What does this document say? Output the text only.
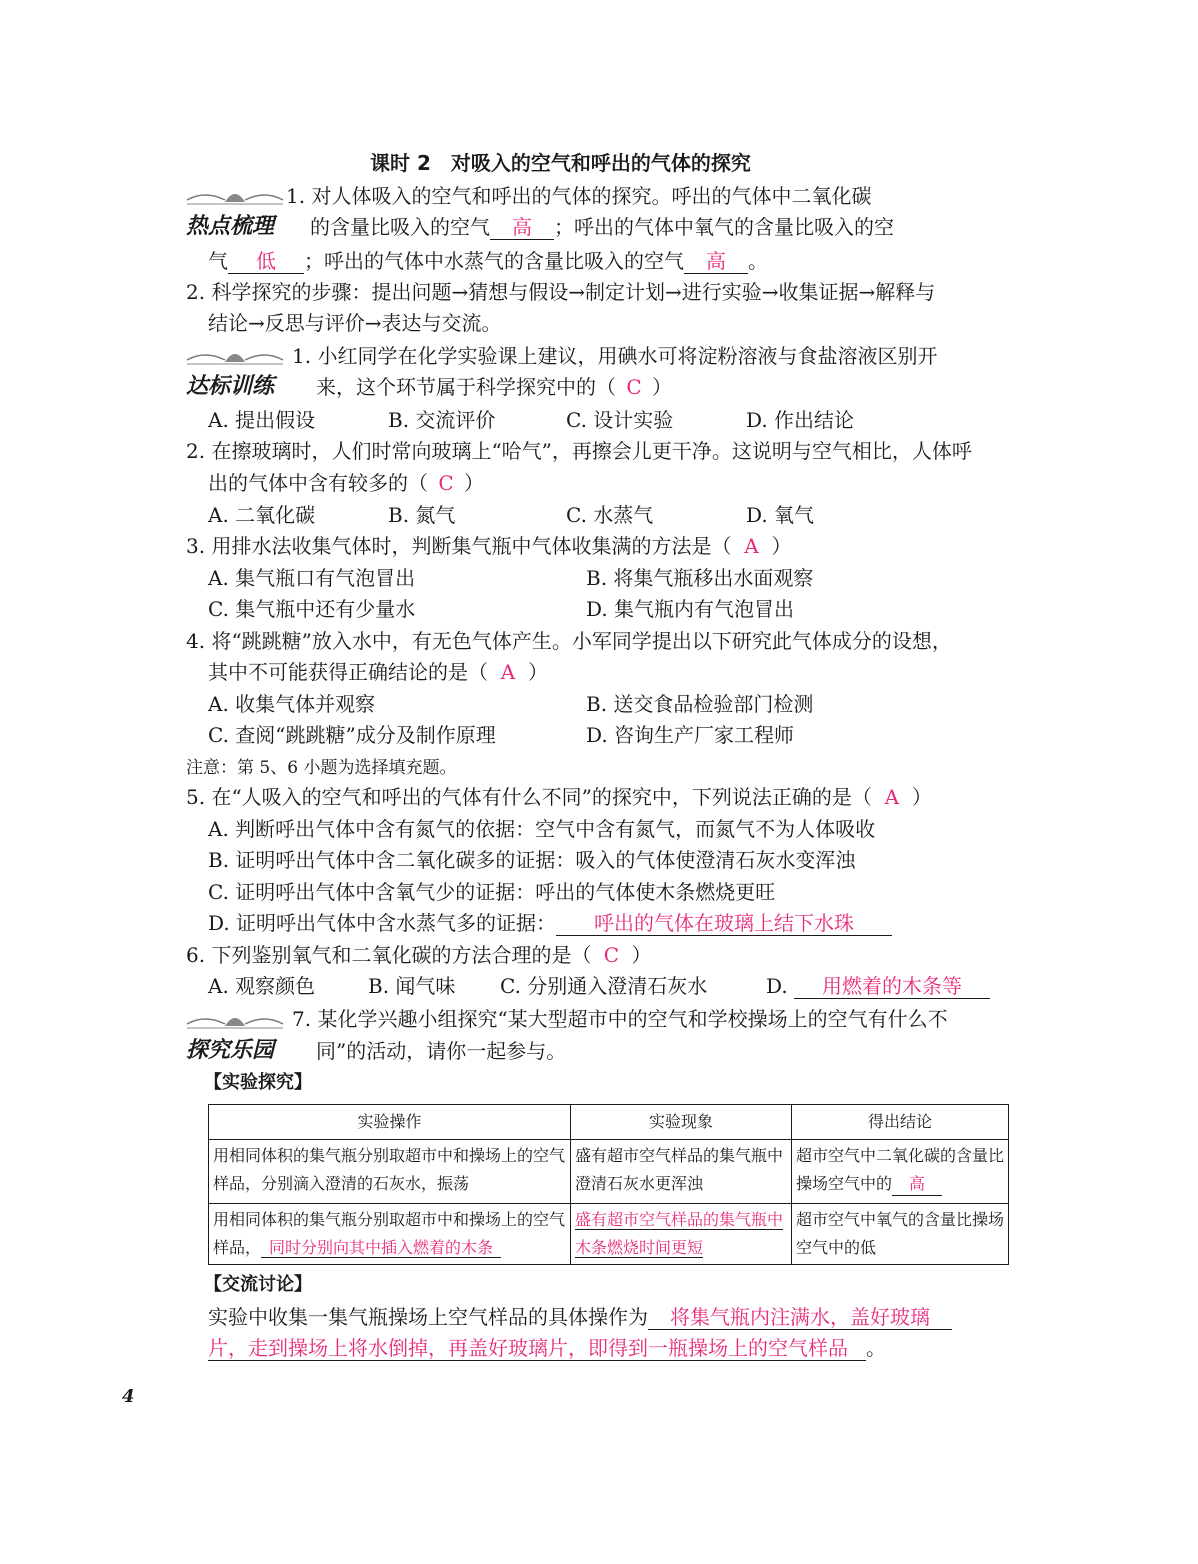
课时 2　对吸入的空气和呼出的气体的探究
热点梳理
1. 对人体吸入的空气和呼出的气体的探究。呼出的气体中二氧化碳
的含量比吸入的空气 高 ；呼出的气体中氧气的含量比吸入的空
气 低 ；呼出的气体中水蒸气的含量比吸入的空气 高 。
2. 科学探究的步骤：提出问题→猜想与假设→制定计划→进行实验→收集证据→解释与
结论→反思与评价→表达与交流。
达标训练
1. 小红同学在化学实验课上建议，用碘水可将淀粉溶液与食盐溶液区别开
来，这个环节属于科学探究中的（ C ）
A. 提出假设	B. 交流评价	C. 设计实验	D. 作出结论
2. 在擦玻璃时，人们时常向玻璃上“哈气”，再擦会儿更干净。这说明与空气相比，人体呼
出的气体中含有较多的（ C ）
A. 二氧化碳	B. 氮气	C. 水蒸气	D. 氧气
3. 用排水法收集气体时，判断集气瓶中气体收集满的方法是（ A ）
A. 集气瓶口有气泡冒出	B. 将集气瓶移出水面观察
C. 集气瓶中还有少量水	D. 集气瓶内有气泡冒出
4. 将“跳跳糖”放入水中，有无色气体产生。小军同学提出以下研究此气体成分的设想，
其中不可能获得正确结论的是（ A ）
A. 收集气体并观察	B. 送交食品检验部门检测
C. 查阅“跳跳糖”成分及制作原理	D. 咨询生产厂家工程师
注意：第 5、6 小题为选择填充题。
5. 在“人吸入的空气和呼出的气体有什么不同”的探究中，下列说法正确的是（ A ）
A. 判断呼出气体中含有氮气的依据：空气中含有氮气，而氮气不为人体吸收
B. 证明呼出气体中含二氧化碳多的证据：吸入的气体使澄清石灰水变浑浊
C. 证明呼出气体中含氧气少的证据：呼出的气体使木条燃烧更旺
D. 证明呼出气体中含水蒸气多的证据： 呼出的气体在玻璃上结下水珠
6. 下列鉴别氧气和二氧化碳的方法合理的是（ C ）
A. 观察颜色	B. 闻气味 C. 分别通入澄清石灰水	D. 用燃着的木条等
探究乐园
7. 某化学兴趣小组探究“某大型超市中的空气和学校操场上的空气有什么不
同”的活动，请你一起参与。
【实验探究】
实验操作	实验现象	得出结论
用相同体积的集气瓶分别取超市中和操场上的空气样品，分别滴入澄清的石灰水，振荡	盛有超市空气样品的集气瓶中澄清石灰水更浑浊	超市空气中二氧化碳的含量比操场空气中的 高
用相同体积的集气瓶分别取超市中和操场上的空气样品， 同时分别向其中插入燃着的木条	盛有超市空气样品的集气瓶中木条燃烧时间更短	超市空气中氧气的含量比操场空气中的低
【交流讨论】
实验中收集一集气瓶操场上空气样品的具体操作为 将集气瓶内注满水，盖好玻璃
片，走到操场上将水倒掉，再盖好玻璃片，即得到一瓶操场上的空气样品 。
4
